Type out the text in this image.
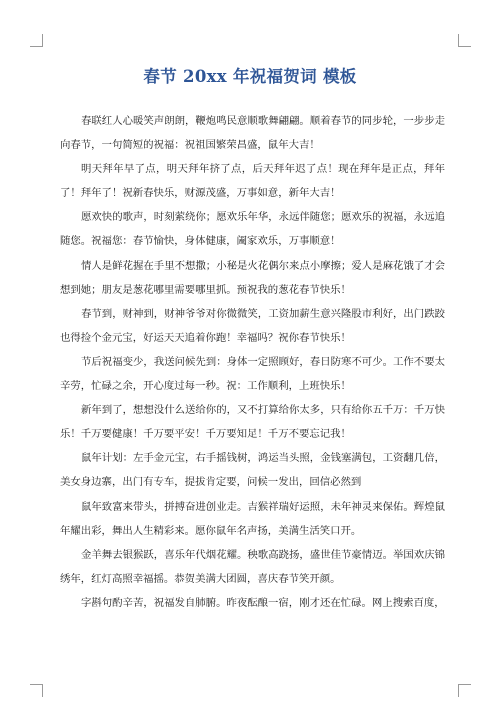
春节 20xx 年祝福贺词 模板

春联红人心暖笑声朗朗，鞭炮鸣民意顺歌舞翩翩。顺着春节的同步轮，一步步走向春节，一句简短的祝福：祝祖国繁荣昌盛，鼠年大吉！

明天拜年早了点，明天拜年挤了点，后天拜年迟了点！现在拜年是正点，拜年了！拜年了！祝新春快乐，财源茂盛，万事如意，新年大吉！

愿欢快的歌声，时刻萦绕你；愿欢乐年华，永远伴随您；愿欢乐的祝福，永远追随您。祝福您：春节愉快，身体健康，阖家欢乐，万事顺意！

情人是鲜花握在手里不想撒；小秘是火花偶尔来点小摩擦；爱人是麻花饿了才会想到她；朋友是葱花哪里需要哪里抓。预祝我的葱花春节快乐！

春节到，财神到，财神爷爷对你微微笑，工资加薪生意兴隆股市利好，出门跌跤也得捡个金元宝，好运天天追着你跑！幸福吗？祝你春节快乐！

节后祝福变少，我送问候先到：身体一定照顾好，春日防寒不可少。工作不要太辛劳，忙碌之余，开心度过每一秒。祝：工作顺利，上班快乐！

新年到了，想想没什么送给你的，又不打算给你太多，只有给你五千万：千万快乐！千万要健康！千万要平安！千万要知足！千万不要忘记我！

鼠年计划：左手金元宝，右手摇钱树，鸿运当头照，金钱塞满包，工资翻几倍，美女身边寨，出门有专车，提拔肯定要，问候一发出，回信必然到

鼠年致富来带头，拼搏奋进创业走。吉猴祥瑞好运照，未年神灵来保佑。辉煌鼠年耀出彩，舞出人生精彩来。愿你鼠年名声扬，美满生活笑口开。

金羊舞去银猴跃，喜乐年代烟花耀。秧歌高跷扬，盛世佳节豪情迈。举国欢庆锦绣年，红灯高照幸福摇。恭贺美满大团圆，喜庆春节笑开颜。

字斟句酌辛苦，祝福发自肺腑。昨夜酝酿一宿，刚才还在忙碌。网上搜索百度，
